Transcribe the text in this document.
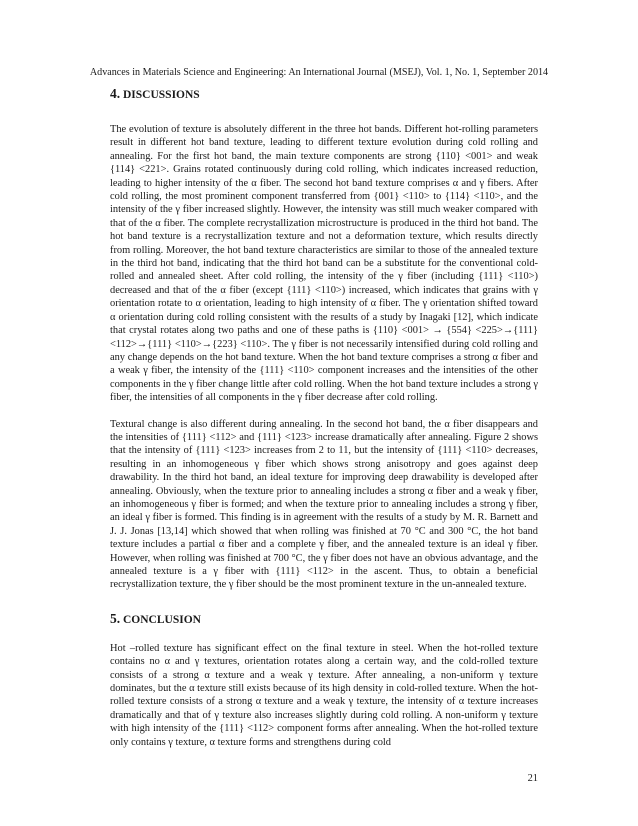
Advances in Materials Science and Engineering: An International Journal (MSEJ), Vol. 1, No. 1, September 2014
4. DISCUSSIONS

The evolution of texture is absolutely different in the three hot bands. Different hot-rolling parameters result in different hot band texture, leading to different texture evolution during cold rolling and annealing. For the first hot band, the main texture components are strong {110} <001> and weak {114} <221>. Grains rotated continuously during cold rolling, which indicates increased reduction, leading to higher intensity of the α fiber. The second hot band texture comprises α and γ fibers. After cold rolling, the most prominent component transferred from {001} <110> to {114} <110>, and the intensity of the γ fiber increased slightly. However, the intensity was still much weaker compared with that of the α fiber. The complete recrystallization microstructure is produced in the third hot band. The hot band texture is a recrystallization texture and not a deformation texture, which results directly from rolling. Moreover, the hot band texture characteristics are similar to those of the annealed texture in the third hot band, indicating that the third hot band can be a substitute for the conventional cold-rolled and annealed sheet. After cold rolling, the intensity of the γ fiber (including {111} <110>) decreased and that of the α fiber (except {111} <110>) increased, which indicates that grains with γ orientation rotate to α orientation, leading to high intensity of α fiber. The γ orientation shifted toward α orientation during cold rolling consistent with the results of a study by Inagaki [12], which indicate that crystal rotates along two paths and one of these paths is {110} <001> → {554} <225>→{111} <112>→{111} <110>→{223} <110>. The γ fiber is not necessarily intensified during cold rolling and any change depends on the hot band texture. When the hot band texture comprises a strong α fiber and a weak γ fiber, the intensity of the {111} <110> component increases and the intensities of the other components in the γ fiber change little after cold rolling. When the hot band texture includes a strong γ fiber, the intensities of all components in the γ fiber decrease after cold rolling.

Textural change is also different during annealing. In the second hot band, the α fiber disappears and the intensities of {111} <112> and {111} <123> increase dramatically after annealing. Figure 2 shows that the intensity of {111} <123> increases from 2 to 11, but the intensity of {111} <110> decreases, resulting in an inhomogeneous γ fiber which shows strong anisotropy and goes against deep drawability. In the third hot band, an ideal texture for improving deep drawability is developed after annealing. Obviously, when the texture prior to annealing includes a strong α fiber and a weak γ fiber, an inhomogeneous γ fiber is formed; and when the texture prior to annealing includes a strong γ fiber, an ideal γ fiber is formed. This finding is in agreement with the results of a study by M. R. Barnett and J. J. Jonas [13,14] which showed that when rolling was finished at 70 °C and 300 °C, the hot band texture includes a partial α fiber and a complete γ fiber, and the annealed texture is an ideal γ fiber. However, when rolling was finished at 700 °C, the γ fiber does not have an obvious advantage, and the annealed texture is a γ fiber with {111} <112> in the ascent. Thus, to obtain a beneficial recrystallization texture, the γ fiber should be the most prominent texture in the un-annealed texture.

5. CONCLUSION

Hot –rolled texture has significant effect on the final texture in steel. When the hot-rolled texture contains no α and γ textures, orientation rotates along a certain way, and the cold-rolled texture consists of a strong α texture and a weak γ texture. After annealing, a non-uniform γ texture dominates, but the α texture still exists because of its high density in cold-rolled texture. When the hot-rolled texture consists of a strong α texture and a weak γ texture, the intensity of α texture increases dramatically and that of γ texture also increases slightly during cold rolling. A non-uniform γ texture with high intensity of the {111} <112> component forms after annealing. When the hot-rolled texture only contains γ texture, α texture forms and strengthens during cold

21
